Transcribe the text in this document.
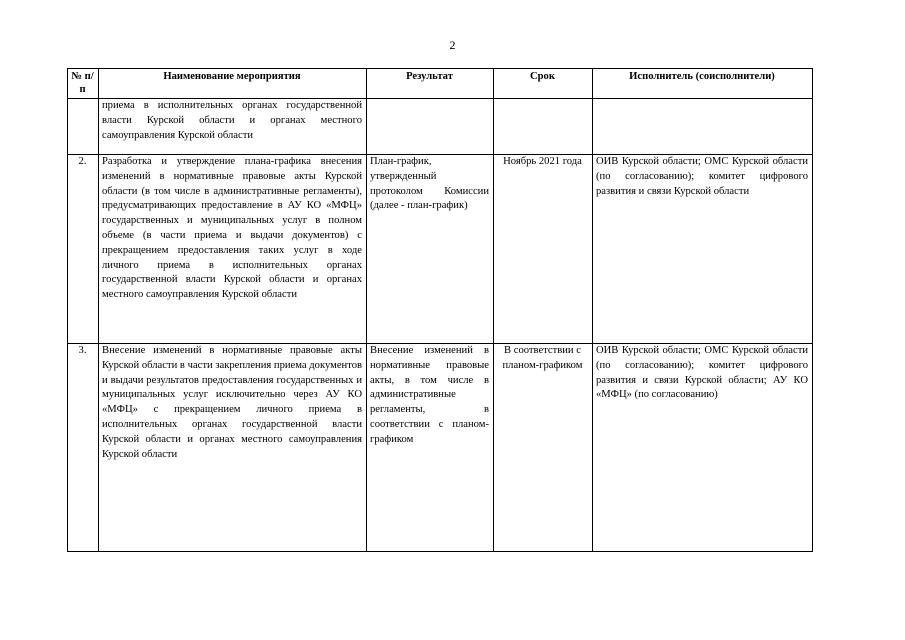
2
№ п/п	Наименование мероприятия	Результат	Срок	Исполнитель (соисполнители)
	приема в исполнительных органах государственной власти Курской области и органах местного самоуправления Курской области			
2.	Разработка и утверждение плана-графика внесения изменений в нормативные правовые акты Курской области (в том числе в административные регламенты), предусматривающих предоставление в АУ КО «МФЦ» государственных и муниципальных услуг в полном объеме (в части приема и выдачи документов) с прекращением предоставления таких услуг в ходе личного приема в исполнительных органах государственной власти Курской области и органах местного самоуправления Курской области	План-график, утвержденный протоколом Комиссии (далее - план-график)	Ноябрь 2021 года	ОИВ Курской области; ОМС Курской области (по согласованию); комитет цифрового развития и связи Курской области
3.	Внесение изменений в нормативные правовые акты Курской области в части закрепления приема документов и выдачи результатов предоставления государственных и муниципальных услуг исключительно через АУ КО «МФЦ» с прекращением личного приема в исполнительных органах государственной власти Курской области и органах местного самоуправления Курской области	Внесение изменений в нормативные правовые акты, в том числе в административные регламенты, в соответствии с планом-графиком	В соответствии с планом-графиком	ОИВ Курской области; ОМС Курской области (по согласованию); комитет цифрового развития и связи Курской области; АУ КО «МФЦ» (по согласованию)
